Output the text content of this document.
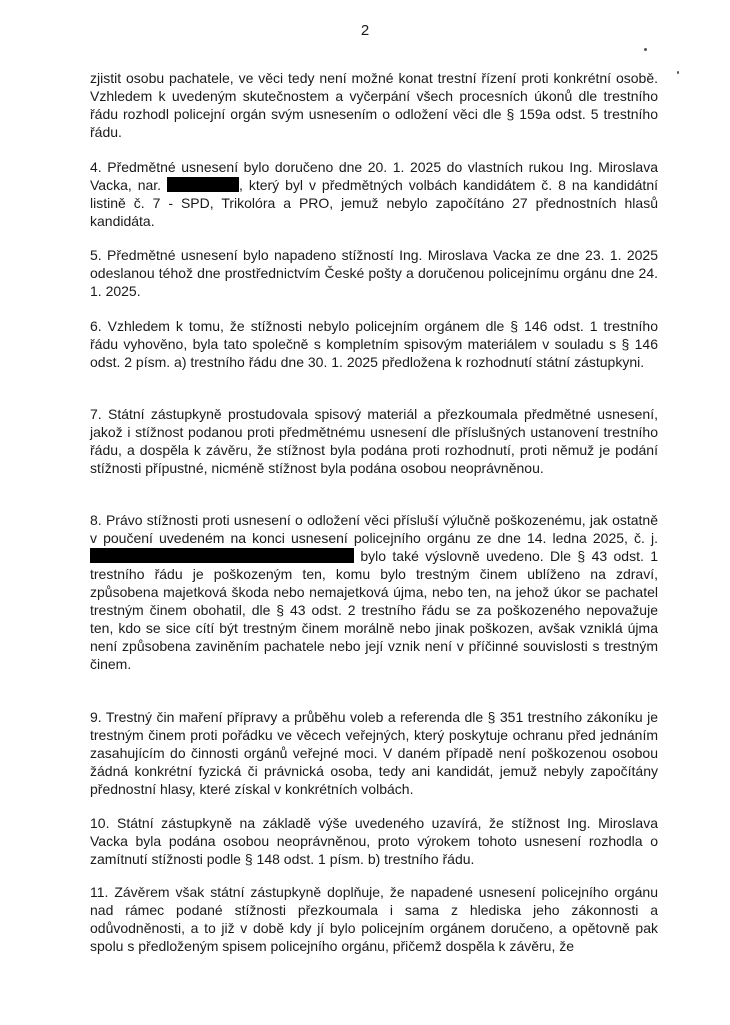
2

zjistit osobu pachatele, ve věci tedy není možné konat trestní řízení proti konkrétní osobě. Vzhledem k uvedeným skutečnostem a vyčerpání všech procesních úkonů dle trestního řádu rozhodl policejní orgán svým usnesením o odložení věci dle § 159a odst. 5 trestního řádu.

4. Předmětné usnesení bylo doručeno dne 20. 1. 2025 do vlastních rukou Ing. Miroslava Vacka, nar.	, který byl v předmětných volbách kandidátem č. 8 na kandidátní listině č. 7 - SPD, Trikolóra a PRO, jemuž nebylo započítáno 27 přednostních hlasů kandidáta.

5. Předmětné usnesení bylo napadeno stížností Ing. Miroslava Vacka ze dne 23. 1. 2025 odeslanou téhož dne prostřednictvím České pošty a doručenou policejnímu orgánu dne 24. 1. 2025.

6. Vzhledem k tomu, že stížnosti nebylo policejním orgánem dle § 146 odst. 1 trestního řádu vyhověno, byla tato společně s kompletním spisovým materiálem v souladu s § 146 odst. 2 písm. a) trestního řádu dne 30. 1. 2025 předložena k rozhodnutí státní zástupkyni.

7. Státní zástupkyně prostudovala spisový materiál a přezkoumala předmětné usnesení, jakož i stížnost podanou proti předmětnému usnesení dle příslušných ustanovení trestního řádu, a dospěla k závěru, že stížnost byla podána proti rozhodnutí, proti němuž je podání stížnosti přípustné, nicméně stížnost byla podána osobou neoprávněnou.

8. Právo stížnosti proti usnesení o odložení věci přísluší výlučně poškozenému, jak ostatně v poučení uvedeném na konci usnesení policejního orgánu ze dne 14. ledna 2025, č. j.  bylo také výslovně uvedeno. Dle § 43 odst. 1 trestního řádu je poškozeným ten, komu bylo trestným činem ublíženo na zdraví, způsobena majetková škoda nebo nemajetková újma, nebo ten, na jehož úkor se pachatel trestným činem obohatil, dle § 43 odst. 2 trestního řádu se za poškozeného nepovažuje ten, kdo se sice cítí být trestným činem morálně nebo jinak poškozen, avšak vzniklá újma není způsobena zaviněním pachatele nebo její vznik není v příčinné souvislosti s trestným činem.

9. Trestný čin maření přípravy a průběhu voleb a referenda dle § 351 trestního zákoníku je trestným činem proti pořádku ve věcech veřejných, který poskytuje ochranu před jednáním zasahujícím do činnosti orgánů veřejné moci. V daném případě není poškozenou osobou žádná konkrétní fyzická či právnická osoba, tedy ani kandidát, jemuž nebyly započítány přednostní hlasy, které získal v konkrétních volbách.

10. Státní zástupkyně na základě výše uvedeného uzavírá, že stížnost Ing. Miroslava Vacka byla podána osobou neoprávněnou, proto výrokem tohoto usnesení rozhodla o zamítnutí stížnosti podle § 148 odst. 1 písm. b) trestního řádu.

11. Závěrem však státní zástupkyně doplňuje, že napadené usnesení policejního orgánu nad rámec podané stížnosti přezkoumala i sama z hlediska jeho zákonnosti a odůvodněnosti, a to již v době kdy jí bylo policejním orgánem doručeno, a opětovně pak spolu s předloženým spisem policejního orgánu, přičemž dospěla k závěru, že
